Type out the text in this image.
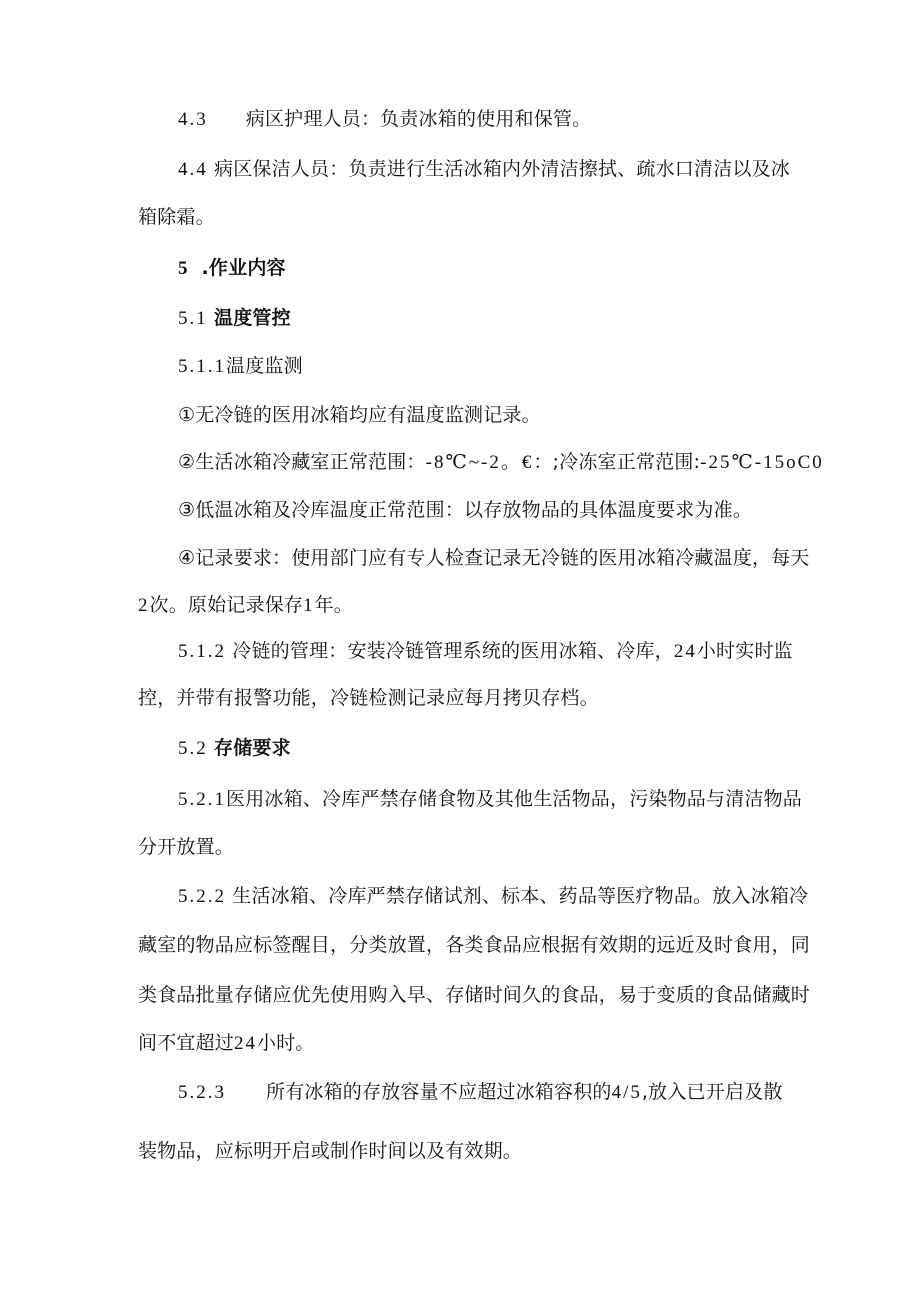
4.3 病区护理人员：负责冰箱的使用和保管。
4.4 病区保洁人员：负责进行生活冰箱内外清洁擦拭、疏水口清洁以及冰
箱除霜。
5 .作业内容
5.1 温度管控
5.1.1温度监测
①无冷链的医用冰箱均应有温度监测记录。
②生活冰箱冷藏室正常范围：-8℃~-2。€：;冷冻室正常范围:-25℃-15oC0
③低温冰箱及冷库温度正常范围：以存放物品的具体温度要求为准。
④记录要求：使用部门应有专人检查记录无冷链的医用冰箱冷藏温度，每天
2次。原始记录保存1年。
5.1.2 冷链的管理：安装冷链管理系统的医用冰箱、冷库，24小时实时监
控，并带有报警功能，冷链检测记录应每月拷贝存档。
5.2 存储要求
5.2.1医用冰箱、冷库严禁存储食物及其他生活物品，污染物品与清洁物品
分开放置。
5.2.2 生活冰箱、冷库严禁存储试剂、标本、药品等医疗物品。放入冰箱冷
藏室的物品应标签醒目，分类放置，各类食品应根据有效期的远近及时食用，同
类食品批量存储应优先使用购入早、存储时间久的食品，易于变质的食品储藏时
间不宜超过24小时。
5.2.3 所有冰箱的存放容量不应超过冰箱容积的4/5,放入已开启及散
装物品，应标明开启或制作时间以及有效期。
